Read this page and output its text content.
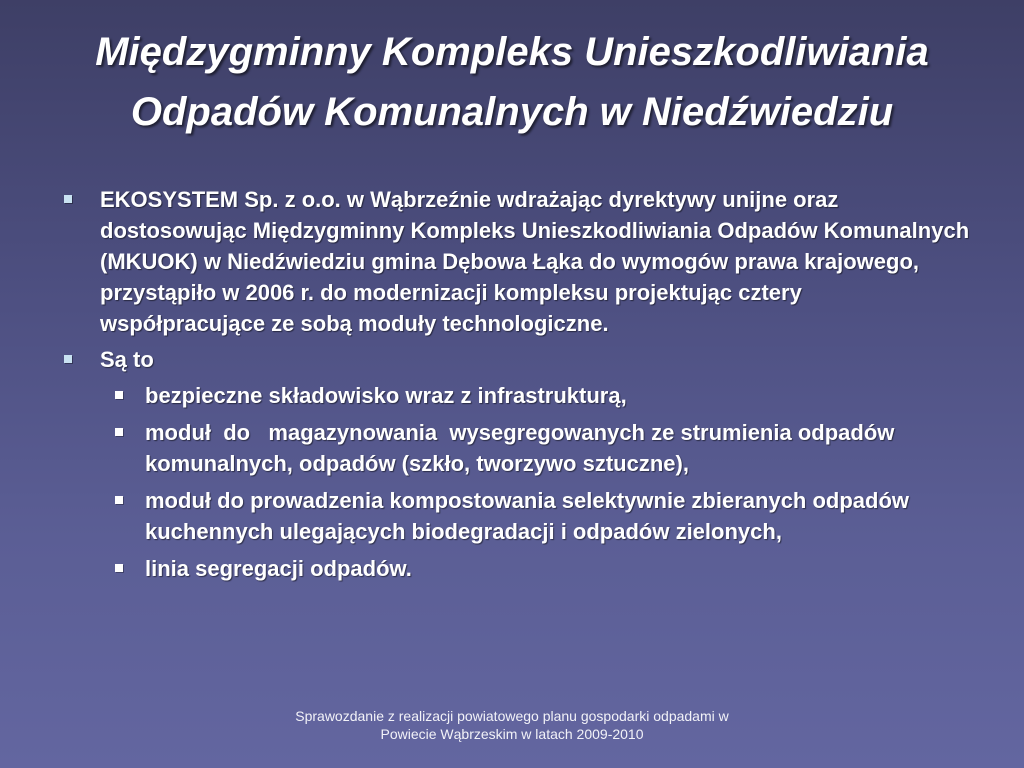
Międzygminny Kompleks Unieszkodliwiania
Odpadów Komunalnych w Niedźwiedziu

EKOSYSTEM Sp. z o.o. w Wąbrzeźnie wdrażając dyrektywy unijne oraz dostosowując Międzygminny Kompleks Unieszkodliwiania Odpadów Komunalnych (MKUOK) w Niedźwiedziu gmina Dębowa Łąka do wymogów prawa krajowego, przystąpiło w 2006 r. do modernizacji kompleksu projektując cztery współpracujące ze sobą moduły technologiczne.

Są to

bezpieczne składowisko wraz z infrastrukturą,

moduł  do   magazynowania  wysegregowanych ze strumienia odpadów komunalnych, odpadów (szkło, tworzywo sztuczne),

moduł do prowadzenia kompostowania selektywnie zbieranych odpadów kuchennych ulegających biodegradacji i odpadów zielonych,

linia segregacji odpadów.

Sprawozdanie z realizacji powiatowego planu gospodarki odpadami w
Powiecie Wąbrzeskim w latach 2009-2010
